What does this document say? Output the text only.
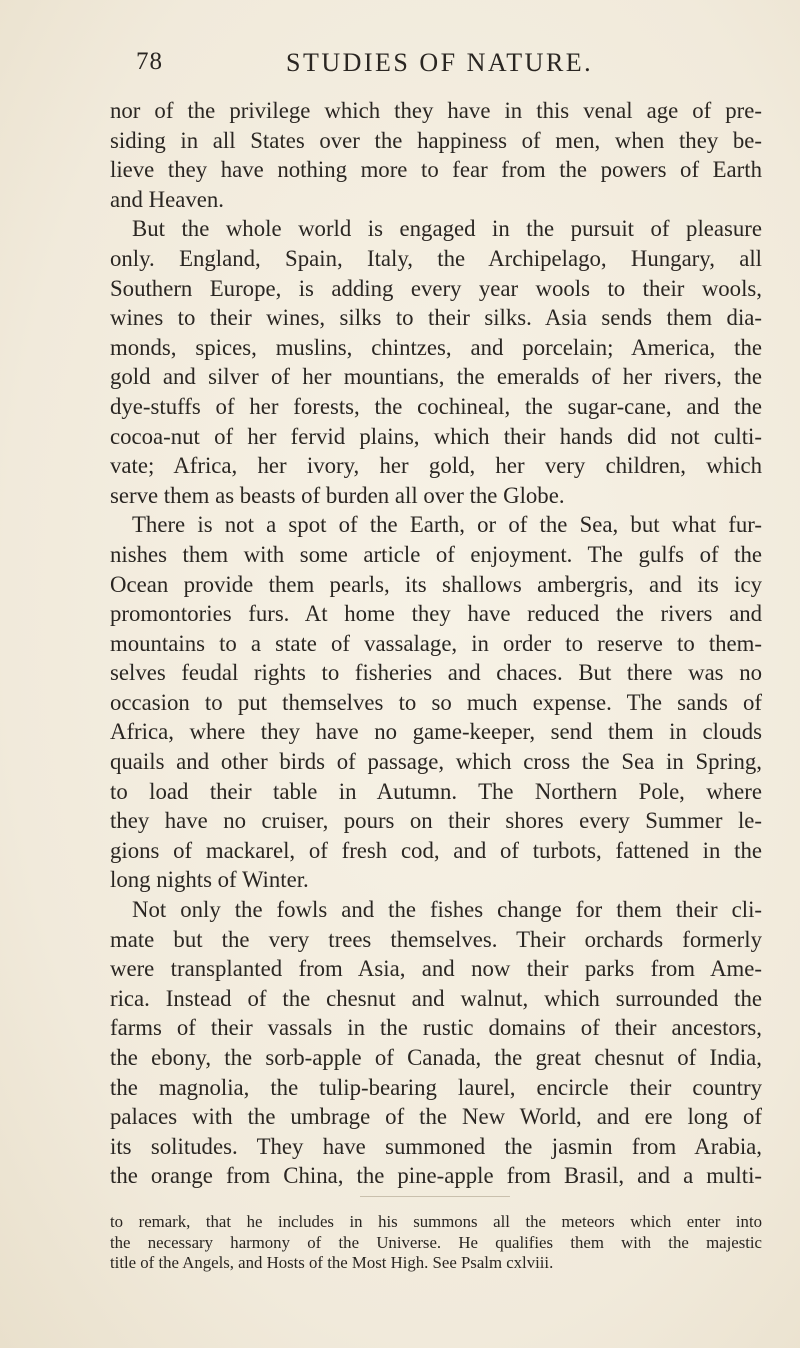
78	STUDIES OF NATURE.
nor of the privilege which they have in this venal age of pre-
siding in all States over the happiness of men, when they be-
lieve they have nothing more to fear from the powers of Earth
and Heaven.
But the whole world is engaged in the pursuit of pleasure
only. England, Spain, Italy, the Archipelago, Hungary, all
Southern Europe, is adding every year wools to their wools,
wines to their wines, silks to their silks. Asia sends them dia-
monds, spices, muslins, chintzes, and porcelain; America, the
gold and silver of her mountians, the emeralds of her rivers, the
dye-stuffs of her forests, the cochineal, the sugar-cane, and the
cocoa-nut of her fervid plains, which their hands did not culti-
vate; Africa, her ivory, her gold, her very children, which
serve them as beasts of burden all over the Globe.
There is not a spot of the Earth, or of the Sea, but what fur-
nishes them with some article of enjoyment. The gulfs of the
Ocean provide them pearls, its shallows ambergris, and its icy
promontories furs. At home they have reduced the rivers and
mountains to a state of vassalage, in order to reserve to them-
selves feudal rights to fisheries and chaces. But there was no
occasion to put themselves to so much expense. The sands of
Africa, where they have no game-keeper, send them in clouds
quails and other birds of passage, which cross the Sea in Spring,
to load their table in Autumn. The Northern Pole, where
they have no cruiser, pours on their shores every Summer le-
gions of mackarel, of fresh cod, and of turbots, fattened in the
long nights of Winter.
Not only the fowls and the fishes change for them their cli-
mate but the very trees themselves. Their orchards formerly
were transplanted from Asia, and now their parks from Ame-
rica. Instead of the chesnut and walnut, which surrounded the
farms of their vassals in the rustic domains of their ancestors,
the ebony, the sorb-apple of Canada, the great chesnut of India,
the magnolia, the tulip-bearing laurel, encircle their country
palaces with the umbrage of the New World, and ere long of
its solitudes. They have summoned the jasmin from Arabia,
the orange from China, the pine-apple from Brasil, and a multi-
to remark, that he includes in his summons all the meteors which enter into
the necessary harmony of the Universe. He qualifies them with the majestic
title of the Angels, and Hosts of the Most High. See Psalm cxlviii.
